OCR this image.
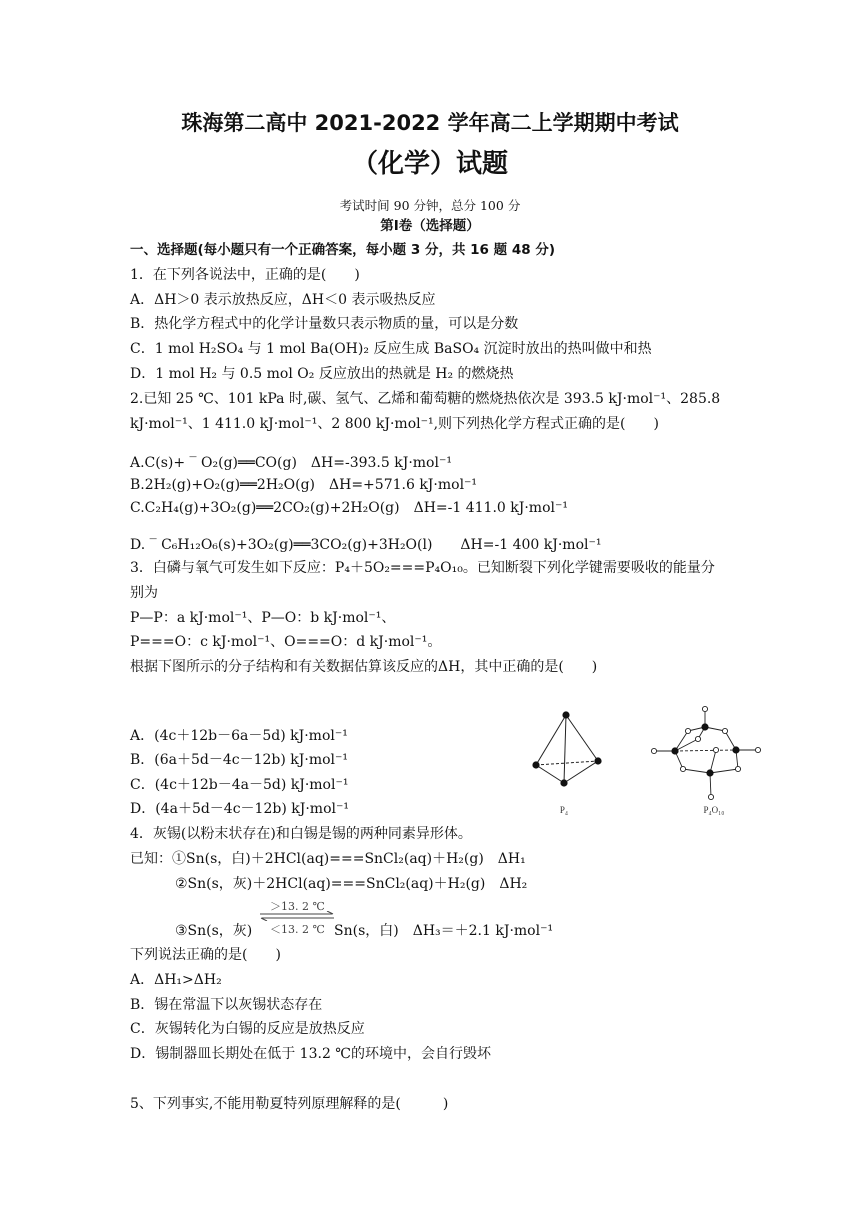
珠海第二高中 2021-2022 学年高二上学期期中考试
（化学）试题
考试时间 90 分钟，总分 100 分
第Ⅰ卷（选择题）
一、选择题(每小题只有一个正确答案，每小题 3 分，共 16 题 48 分)
1．在下列各说法中，正确的是(　　)
A．ΔH＞0 表示放热反应，ΔH＜0 表示吸热反应
B．热化学方程式中的化学计量数只表示物质的量，可以是分数
C．1 mol H₂SO₄ 与 1 mol Ba(OH)₂ 反应生成 BaSO₄ 沉淀时放出的热叫做中和热
D．1 mol H₂ 与 0.5 mol O₂ 反应放出的热就是 H₂ 的燃烧热
2.已知 25 ℃、101 kPa 时,碳、氢气、乙烯和葡萄糖的燃烧热依次是 393.5 kJ·mol⁻¹、285.8
kJ·mol⁻¹、1 411.0 kJ·mol⁻¹、2 800 kJ·mol⁻¹,则下列热化学方程式正确的是(　　)
A.C(s)+ ‾ O₂(g)══CO(g)　ΔH=-393.5 kJ·mol⁻¹
B.2H₂(g)+O₂(g)══2H₂O(g)　ΔH=+571.6 kJ·mol⁻¹
C.C₂H₄(g)+3O₂(g)══2CO₂(g)+2H₂O(g)　ΔH=-1 411.0 kJ·mol⁻¹
D. ‾ C₆H₁₂O₆(s)+3O₂(g)══3CO₂(g)+3H₂O(l)　　ΔH=-1 400 kJ·mol⁻¹
3．白磷与氧气可发生如下反应：P₄＋5O₂===P₄O₁₀。已知断裂下列化学键需要吸收的能量分
别为
P—P：a kJ·mol⁻¹、P—O：b kJ·mol⁻¹、
P===O：c kJ·mol⁻¹、O===O：d kJ·mol⁻¹。
根据下图所示的分子结构和有关数据估算该反应的ΔH，其中正确的是(　　)
A．(4c＋12b－6a－5d) kJ·mol⁻¹
B．(6a＋5d－4c－12b) kJ·mol⁻¹
C．(4c＋12b－4a－5d) kJ·mol⁻¹
D．(4a＋5d－4c－12b) kJ·mol⁻¹	P₄	P₄O₁₀
4．灰锡(以粉末状存在)和白锡是锡的两种同素异形体。
已知：①Sn(s，白)＋2HCl(aq)===SnCl₂(aq)＋H₂(g)　ΔH₁
②Sn(s，灰)＋2HCl(aq)===SnCl₂(aq)＋H₂(g)　ΔH₂
③Sn(s，灰)
＞13. 2 ℃
＜13. 2 ℃ Sn(s，白)　ΔH₃＝＋2.1 kJ·mol⁻¹
下列说法正确的是(　　)
A．ΔH₁>ΔH₂
B．锡在常温下以灰锡状态存在
C．灰锡转化为白锡的反应是放热反应
D．锡制器皿长期处在低于 13.2 ℃的环境中，会自行毁坏
5、下列事实,不能用勒夏特列原理解释的是(　　　)
